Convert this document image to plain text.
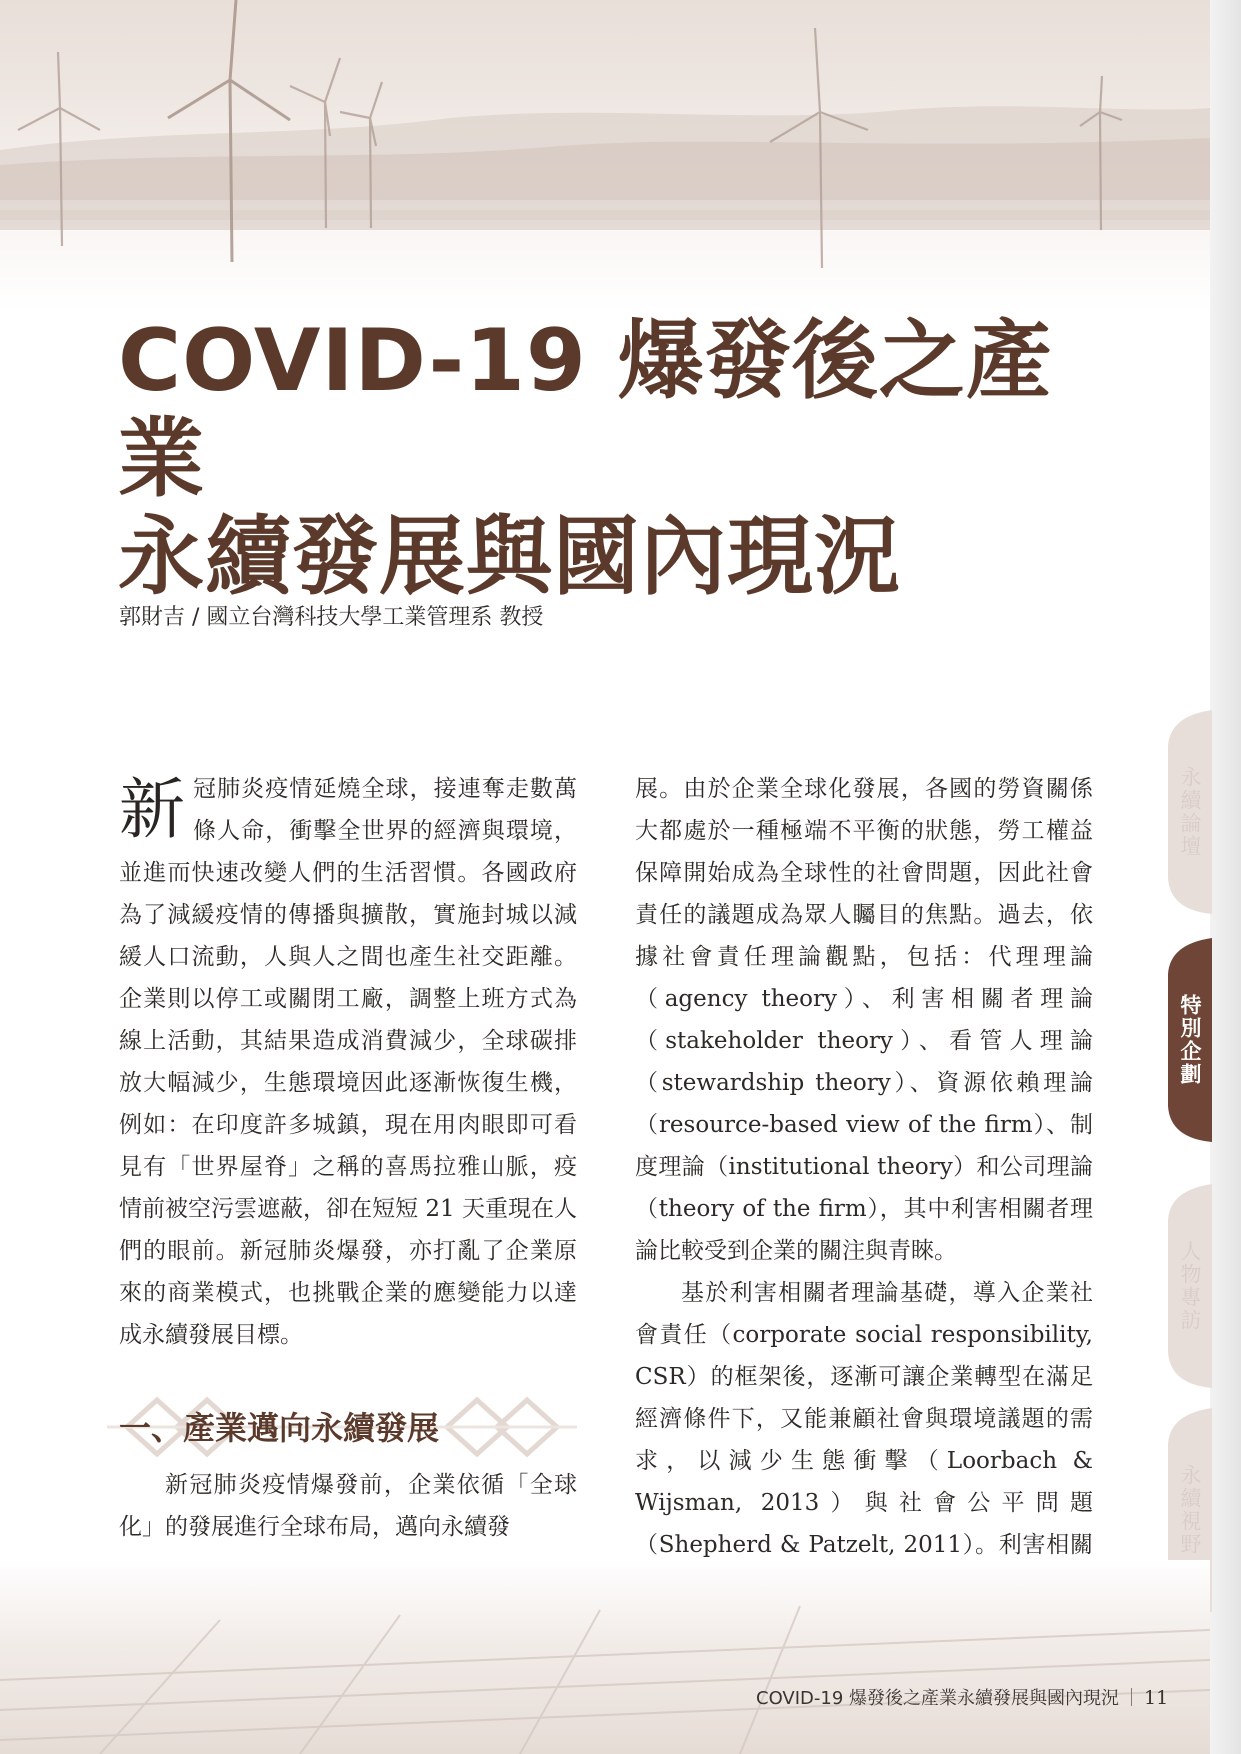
COVID-19 爆發後之產業
永續發展與國內現況
郭財吉 / 國立台灣科技大學工業管理系 教授

新冠肺炎疫情延燒全球，接連奪走數萬條人命，衝擊全世界的經濟與環境，並進而快速改變人們的生活習慣。各國政府為了減緩疫情的傳播與擴散，實施封城以減緩人口流動，人與人之間也產生社交距離。企業則以停工或關閉工廠，調整上班方式為線上活動，其結果造成消費減少，全球碳排放大幅減少，生態環境因此逐漸恢復生機，例如：在印度許多城鎮，現在用肉眼即可看見有「世界屋脊」之稱的喜馬拉雅山脈，疫情前被空污雲遮蔽，卻在短短 21 天重現在人們的眼前。新冠肺炎爆發，亦打亂了企業原來的商業模式，也挑戰企業的應變能力以達成永續發展目標。

一、產業邁向永續發展

新冠肺炎疫情爆發前，企業依循「全球化」的發展進行全球布局，邁向永續發

展。由於企業全球化發展，各國的勞資關係大都處於一種極端不平衡的狀態，勞工權益保障開始成為全球性的社會問題，因此社會責任的議題成為眾人矚目的焦點。過去，依據社會責任理論觀點，包括：代理理論（agency theory）、利害相關者理論（stakeholder theory）、看管人理論（stewardship theory）、資源依賴理論（resource-based view of the firm）、制度理論（institutional theory）和公司理論（theory of the firm），其中利害相關者理論比較受到企業的關注與青睞。

基於利害相關者理論基礎，導入企業社會責任（corporate social responsibility, CSR）的框架後，逐漸可讓企業轉型在滿足經濟條件下，又能兼顧社會與環境議題的需求，以減少生態衝擊（Loorbach & Wijsman, 2013）與社會公平問題（Shepherd & Patzelt, 2011）。利害相關

永續論壇
特別企劃
人物專訪
永續視野
COVID-19 爆發後之產業永續發展與國內現況 11
